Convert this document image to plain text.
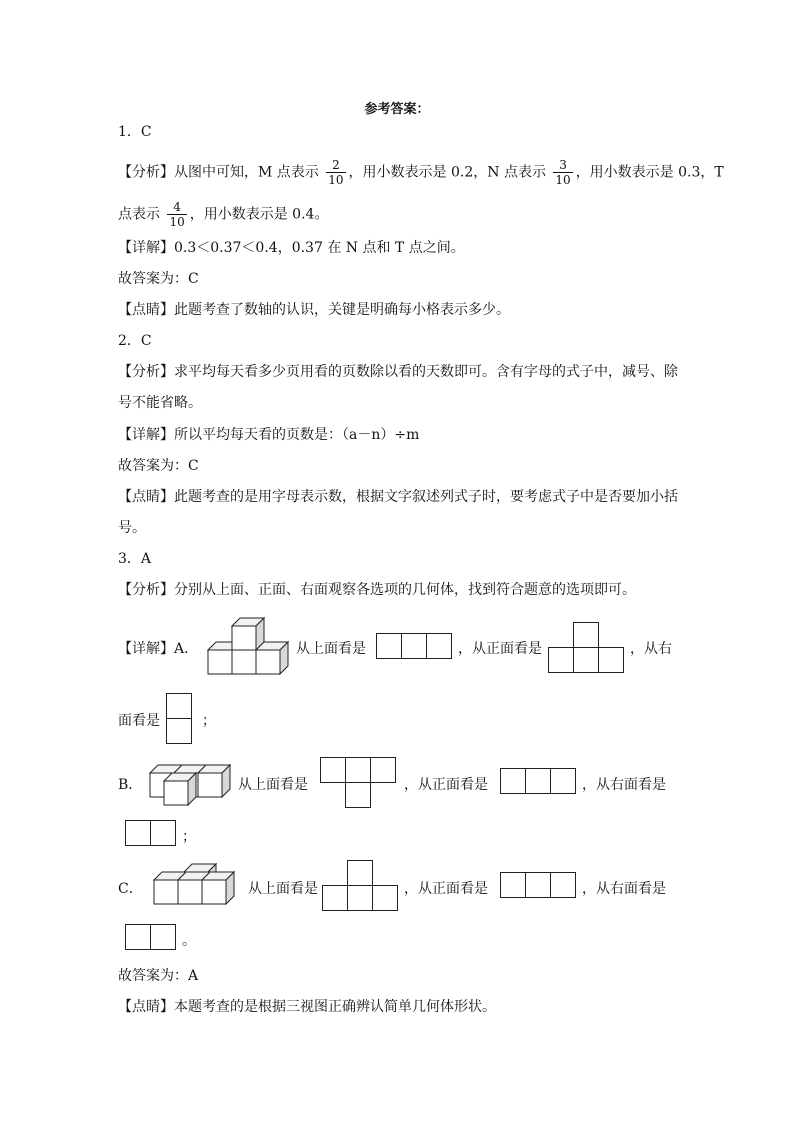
参考答案：
1．C
【分析】从图中可知，M 点表示 $\frac{2}{10}$ ，用小数表示是 0.2，N 点表示 $\frac{3}{10}$ ，用小数表示是 0.3，T
点表示 $\frac{4}{10}$ ，用小数表示是 0.4。
【详解】0.3＜0.37＜0.4，0.37 在 N 点和 T 点之间。
故答案为：C
【点睛】此题考查了数轴的认识，关键是明确每小格表示多少。
2．C
【分析】求平均每天看多少页用看的页数除以看的天数即可。含有字母的式子中，减号、除
号不能省略。
【详解】所以平均每天看的页数是：（a－n）÷m
故答案为：C
【点睛】此题考查的是用字母表示数，根据文字叙述列式子时，要考虑式子中是否要加小括
号。
3．A
【分析】分别从上面、正面、右面观察各选项的几何体，找到符合题意的选项即可。
【详解】A．	从上面看是	，从正面看是	，从右
面看是	；
B．	从上面看是	，从正面看是	，从右面看是
；
C．	从上面看是	，从正面看是	，从右面看是
。
故答案为：A
【点睛】本题考查的是根据三视图正确辨认简单几何体形状。
